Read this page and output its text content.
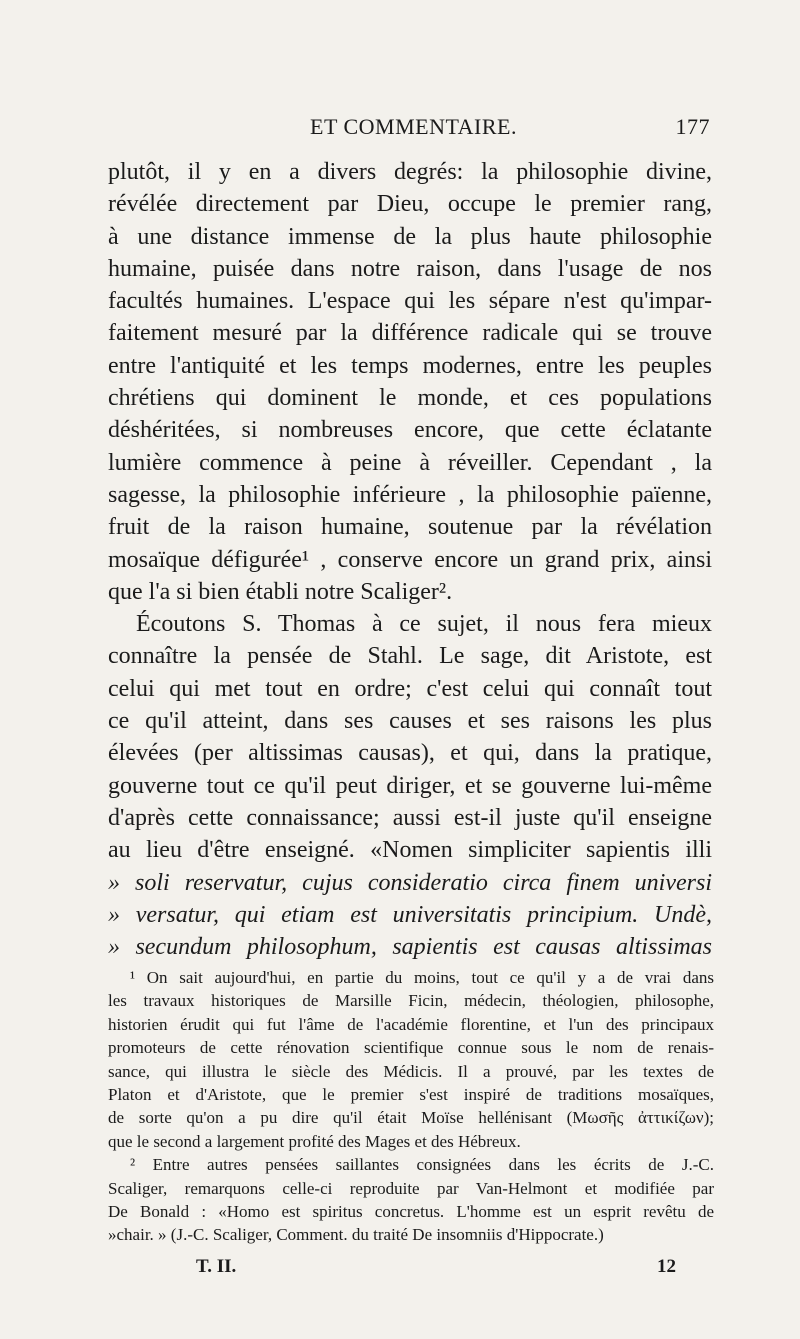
ET COMMENTAIRE.	177
plutôt, il y en a divers degrés: la philosophie divine,
révélée directement par Dieu, occupe le premier rang,
à une distance immense de la plus haute philosophie
humaine, puisée dans notre raison, dans l'usage de nos
facultés humaines. L'espace qui les sépare n'est qu'impar-
faitement mesuré par la différence radicale qui se trouve
entre l'antiquité et les temps modernes, entre les peuples
chrétiens qui dominent le monde, et ces populations
déshéritées, si nombreuses encore, que cette éclatante
lumière commence à peine à réveiller. Cependant , la
sagesse, la philosophie inférieure , la philosophie païenne,
fruit de la raison humaine, soutenue par la révélation
mosaïque défigurée¹ , conserve encore un grand prix, ainsi
que l'a si bien établi notre Scaliger².
Écoutons S. Thomas à ce sujet, il nous fera mieux
connaître la pensée de Stahl. Le sage, dit Aristote, est
celui qui met tout en ordre; c'est celui qui connaît tout
ce qu'il atteint, dans ses causes et ses raisons les plus
élevées (per altissimas causas), et qui, dans la pratique,
gouverne tout ce qu'il peut diriger, et se gouverne lui-même
d'après cette connaissance; aussi est-il juste qu'il enseigne
au lieu d'être enseigné. «Nomen simpliciter sapientis illi
» soli reservatur, cujus consideratio circa finem universi
» versatur, qui etiam est universitatis principium. Undè,
» secundum philosophum, sapientis est causas altissimas
¹ On sait aujourd'hui, en partie du moins, tout ce qu'il y a de vrai dans
les travaux historiques de Marsille Ficin, médecin, théologien, philosophe,
historien érudit qui fut l'âme de l'académie florentine, et l'un des principaux
promoteurs de cette rénovation scientifique connue sous le nom de renais-
sance, qui illustra le siècle des Médicis. Il a prouvé, par les textes de
Platon et d'Aristote, que le premier s'est inspiré de traditions mosaïques,
de sorte qu'on a pu dire qu'il était Moïse hellénisant (Μωσῆς ἀττικίζων);
que le second a largement profité des Mages et des Hébreux.
² Entre autres pensées saillantes consignées dans les écrits de J.-C.
Scaliger, remarquons celle-ci reproduite par Van-Helmont et modifiée par
De Bonald : «Homo est spiritus concretus. L'homme est un esprit revêtu de
»chair. » (J.-C. Scaliger, Comment. du traité De insomniis d'Hippocrate.)
T. II.	12
